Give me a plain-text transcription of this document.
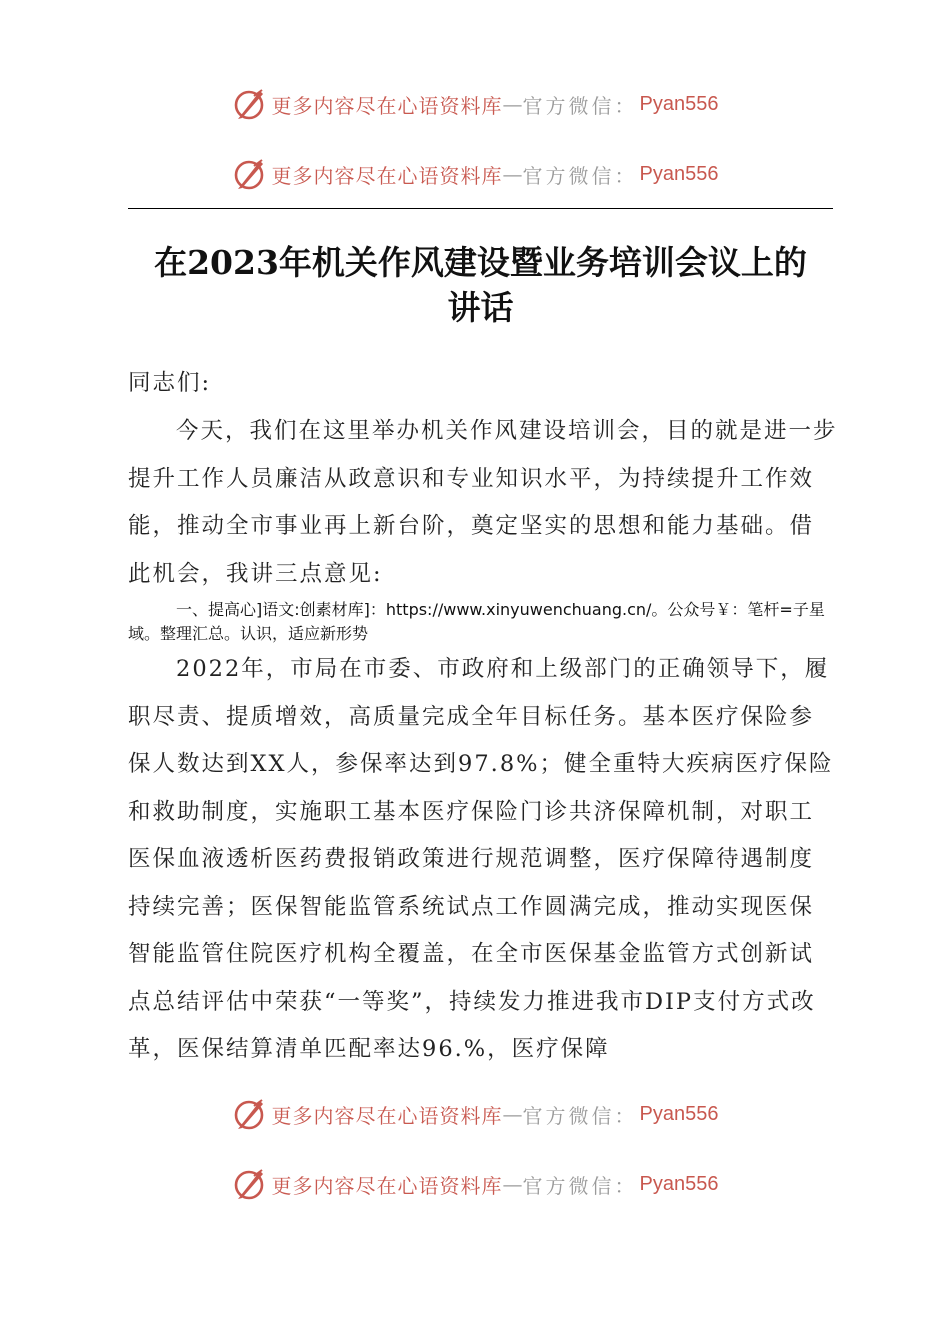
更多内容尽在心语资料库 — 官方微信： Pyan556
更多内容尽在心语资料库 — 官方微信： Pyan556
在2023年机关作风建设暨业务培训会议上的
讲话

同志们:

今天，我们在这里举办机关作风建设培训会，目的就是进一步提升工作人员廉洁从政意识和专业知识水平，为持续提升工作效能，推动全市事业再上新台阶，奠定坚实的思想和能力基础。借此机会，我讲三点意见:

一、提高心]语文:创素材库]：https://www.xinyuwenchuang.cn/。公众号￥：笔杆=子星域。整理汇总。认识，适应新形势

2022年，市局在市委、市政府和上级部门的正确领导下，履职尽责、提质增效，高质量完成全年目标任务。基本医疗保险参保人数达到XX人，参保率达到97.8%；健全重特大疾病医疗保险和救助制度，实施职工基本医疗保险门诊共济保障机制，对职工医保血液透析医药费报销政策进行规范调整，医疗保障待遇制度持续完善；医保智能监管系统试点工作圆满完成，推动实现医保智能监管住院医疗机构全覆盖，在全市医保基金监管方式创新试点总结评估中荣获“一等奖”，持续发力推进我市DIP支付方式改革，医保结算清单匹配率达96.%，医疗保障

更多内容尽在心语资料库 — 官方微信： Pyan556
更多内容尽在心语资料库 — 官方微信： Pyan556
